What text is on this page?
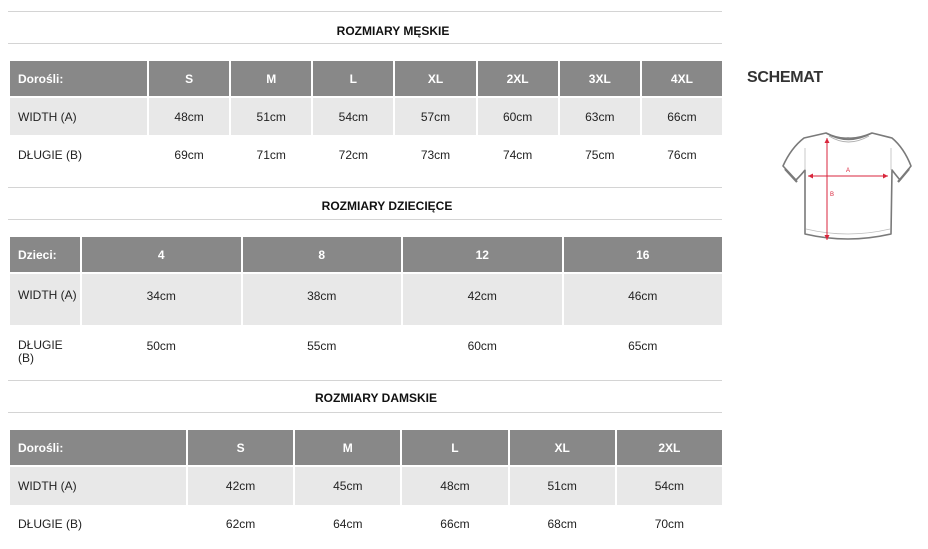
ROZMIARY MĘSKIE
Dorośli:	S	M	L	XL	2XL	3XL	4XL
WIDTH (A)	48cm	51cm	54cm	57cm	60cm	63cm	66cm
DŁUGIE (B)	69cm	71cm	72cm	73cm	74cm	75cm	76cm
ROZMIARY DZIECIĘCE
Dzieci:	4	8	12	16
WIDTH (A)	34cm	38cm	42cm	46cm
DŁUGIE (B)	50cm	55cm	60cm	65cm
ROZMIARY DAMSKIE
Dorośli:	S	M	L	XL	2XL
WIDTH (A)	42cm	45cm	48cm	51cm	54cm
DŁUGIE (B)	62cm	64cm	66cm	68cm	70cm
SCHEMAT
A
B
